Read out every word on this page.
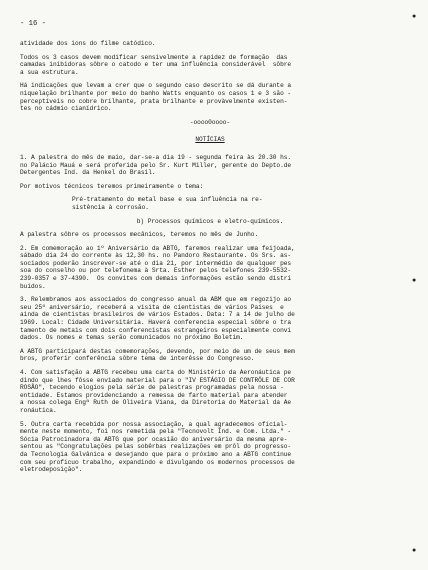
●
●
●
- 16 -
atividade dos ions do filme catódico.
Todos os 3 casos devem modificar sensivelmente a rapidez de formação  das
camadas inibidoras sôbre o catodo e ter uma influência considerável  sôbre
a sua estrutura.
Há indicações que levam a crer que o segundo caso descrito se dá durante a
niquelação brilhante por meio do banho Watts enquanto os casos 1 e 3 são -
perceptíveis no cobre brilhante, prata brilhante e provàvelmente existen-
tes no cádmio cianídrico.
-oooo0oooo-
NOTÍCIAS
1. A palestra do mês de maio, dar-se-a dia 19 - segunda feira às 20.30 hs.
no Palácio Mauá e será proferida pelo Sr. Kurt Miller, gerente do Depto.de
Detergentes Ind. da Henkel do Brasil.
Por motivos técnicos teremos primeiramente o tema:
Pré-tratamento do metal base e sua influência na re-
sistência à corrosão.
b) Processos químicos e eletro-químicos.
A palestra sôbre os processos mecânicos, teremos no mês de Junho.
2. Em comemoração ao 1º Aniversário da ABTG, faremos realizar uma feijoada,
sábado dia 24 do corrente às 12,30 hs. no Pandoro Restaurante. Os Srs. as-
sociados poderão inscrever-se até o dia 21, por intermédio de qualquer pes
soa do conselho ou por telefonema à Srta. Esther pelos telefones 239-5532-
239-0357 e 37-4390.  Os convites com demais informações estão sendo distri
buidos.
3. Relembramos aos associados do congresso anual da ABM que em regozijo ao
seu 25º aniversário, receberá a visita de cientistas de vários Países  e
ainda de cientistas brasileiros de vários Estados. Data: 7 a 14 de julho de
1969. Local: Cidade Universitária. Haverá conferencia especial sôbre o tra
tamento de metais com dois conferencistas estrangeiros especialmente convi
dados. Os nomes e temas serão comunicados no próximo Boletim.
A ABTG participará destas comemorações, devendo, por meio de um de seus mem
bros, proferir conferência sôbre tema de interêsse do Congresso.
4. Com satisfação a ABTG recebeu uma carta do Ministério da Aeronáutica pe
dindo que lhes fôsse enviado material para o "IV ESTÁGIO DE CONTRÔLE DE COR
ROSÃO", tecendo elogios pela série de palestras programadas pela nossa -
entidade. Estamos providenciando a remessa de farto material para atender
a nossa colega Engª Ruth de Oliveira Viana, da Diretoria do Material da Ae
ronáutica.
5. Outra carta recebida por nossa associação, a qual agradecemos oficial-
mente neste momento, foi nos remetida pela "Tecnovolt Ind. e Com. Ltda." -
Sócia Patrocinadora da ABTG que por ocasião do aniversário da mesma apre-
sentou as "Congratulações pelas sobêrbas realizações em prôl do progresso-
da Tecnologia Galvânica e desejando que para o próximo ano a ABTG continue
com seu proficuo trabalho, expandindo e divulgando os modernos processos de
eletrodeposição".
